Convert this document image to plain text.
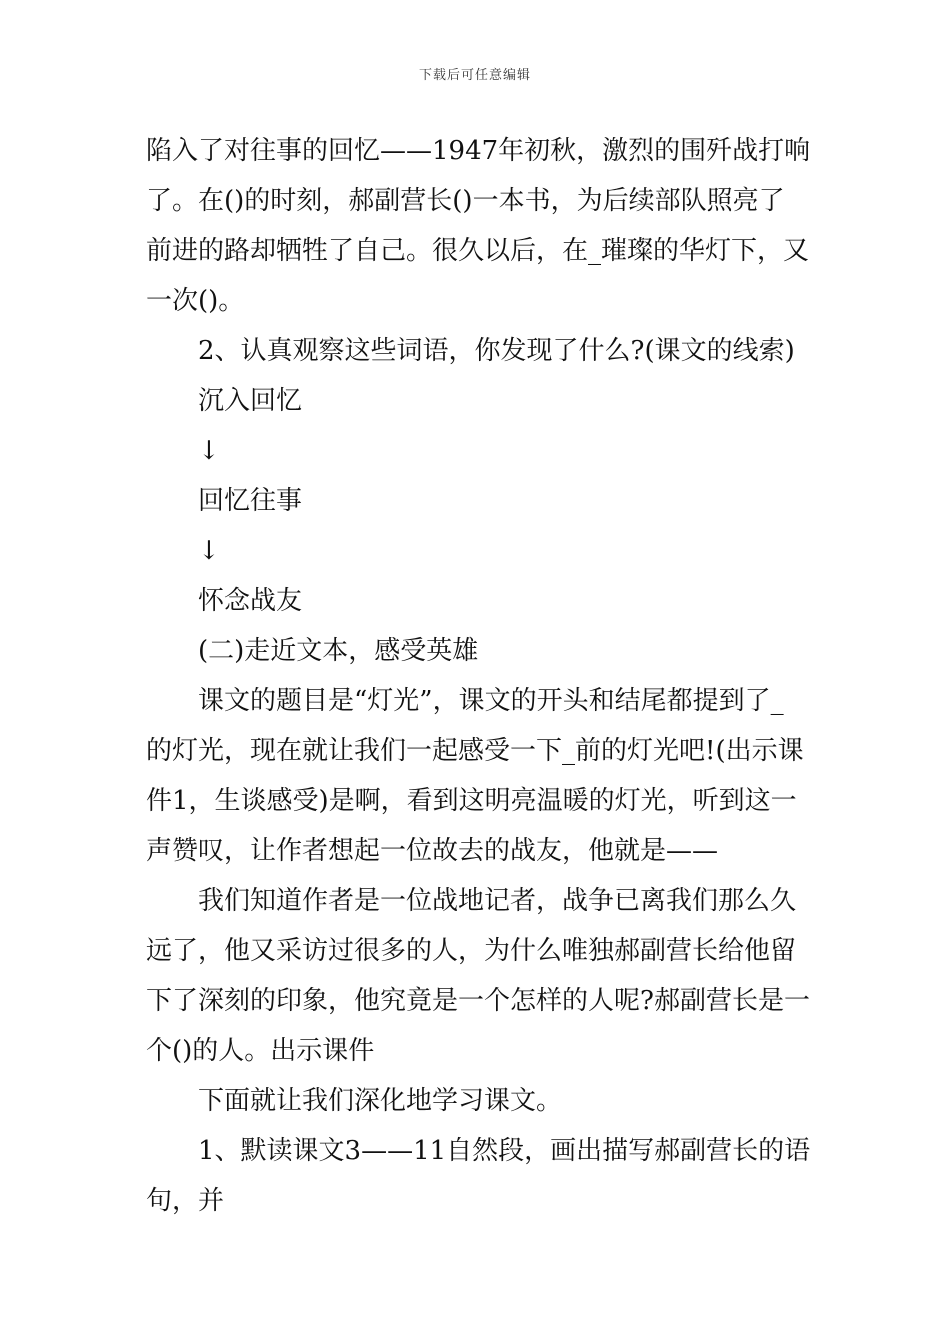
下载后可任意编辑
陷入了对往事的回忆——1947年初秋，激烈的围歼战打响
了。在()的时刻，郝副营长()一本书，为后续部队照亮了
前进的路却牺牲了自己。很久以后，在_璀璨的华灯下，又
一次()。
2、认真观察这些词语，你发现了什么?(课文的线索)
沉入回忆
↓
回忆往事
↓
怀念战友
(二)走近文本，感受英雄
课文的题目是“灯光”，课文的开头和结尾都提到了_
的灯光，现在就让我们一起感受一下_前的灯光吧!(出示课
件1，生谈感受)是啊，看到这明亮温暖的灯光，听到这一
声赞叹，让作者想起一位故去的战友，他就是——
我们知道作者是一位战地记者，战争已离我们那么久
远了，他又采访过很多的人，为什么唯独郝副营长给他留
下了深刻的印象，他究竟是一个怎样的人呢?郝副营长是一
个()的人。出示课件
下面就让我们深化地学习课文。
1、默读课文3——11自然段，画出描写郝副营长的语
句，并
